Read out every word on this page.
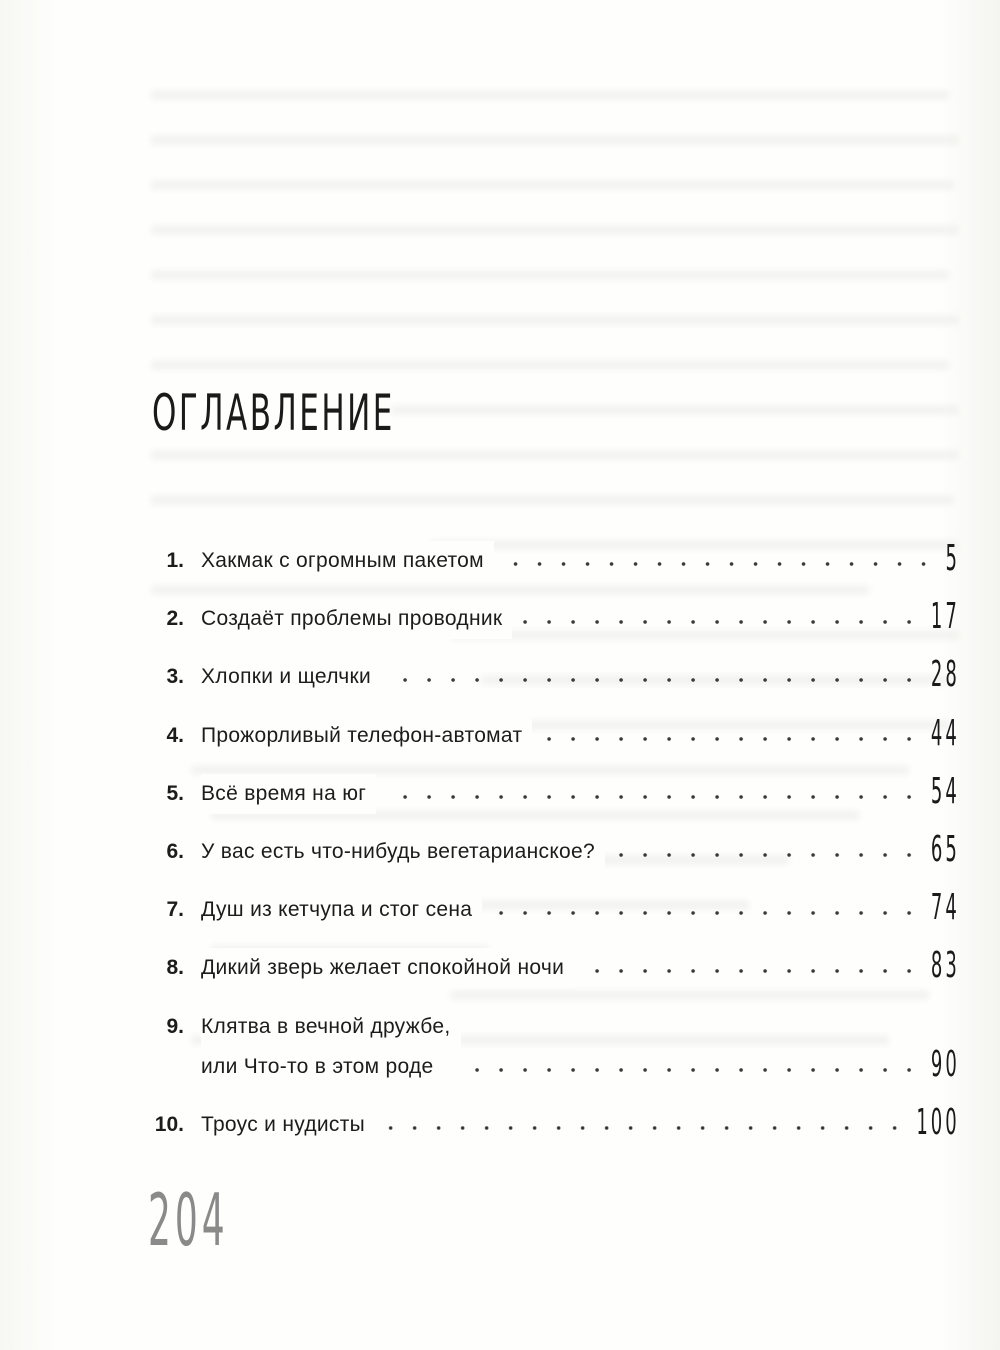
ОГЛАВЛЕНИЕ
1. Хакмак с огромным пакетом	5
2. Создаёт проблемы проводник	17
3. Хлопки и щелчки	28
4. Прожорливый телефон-автомат	44
5. Всё время на юг	54
6. У вас есть что-нибудь вегетарианское?	65
7. Душ из кетчупа и стог сена	74
8. Дикий зверь желает спокойной ночи	83
9. Клятва в вечной дружбе,
или Что-то в этом роде	90
10. Троус и нудисты	100
204
